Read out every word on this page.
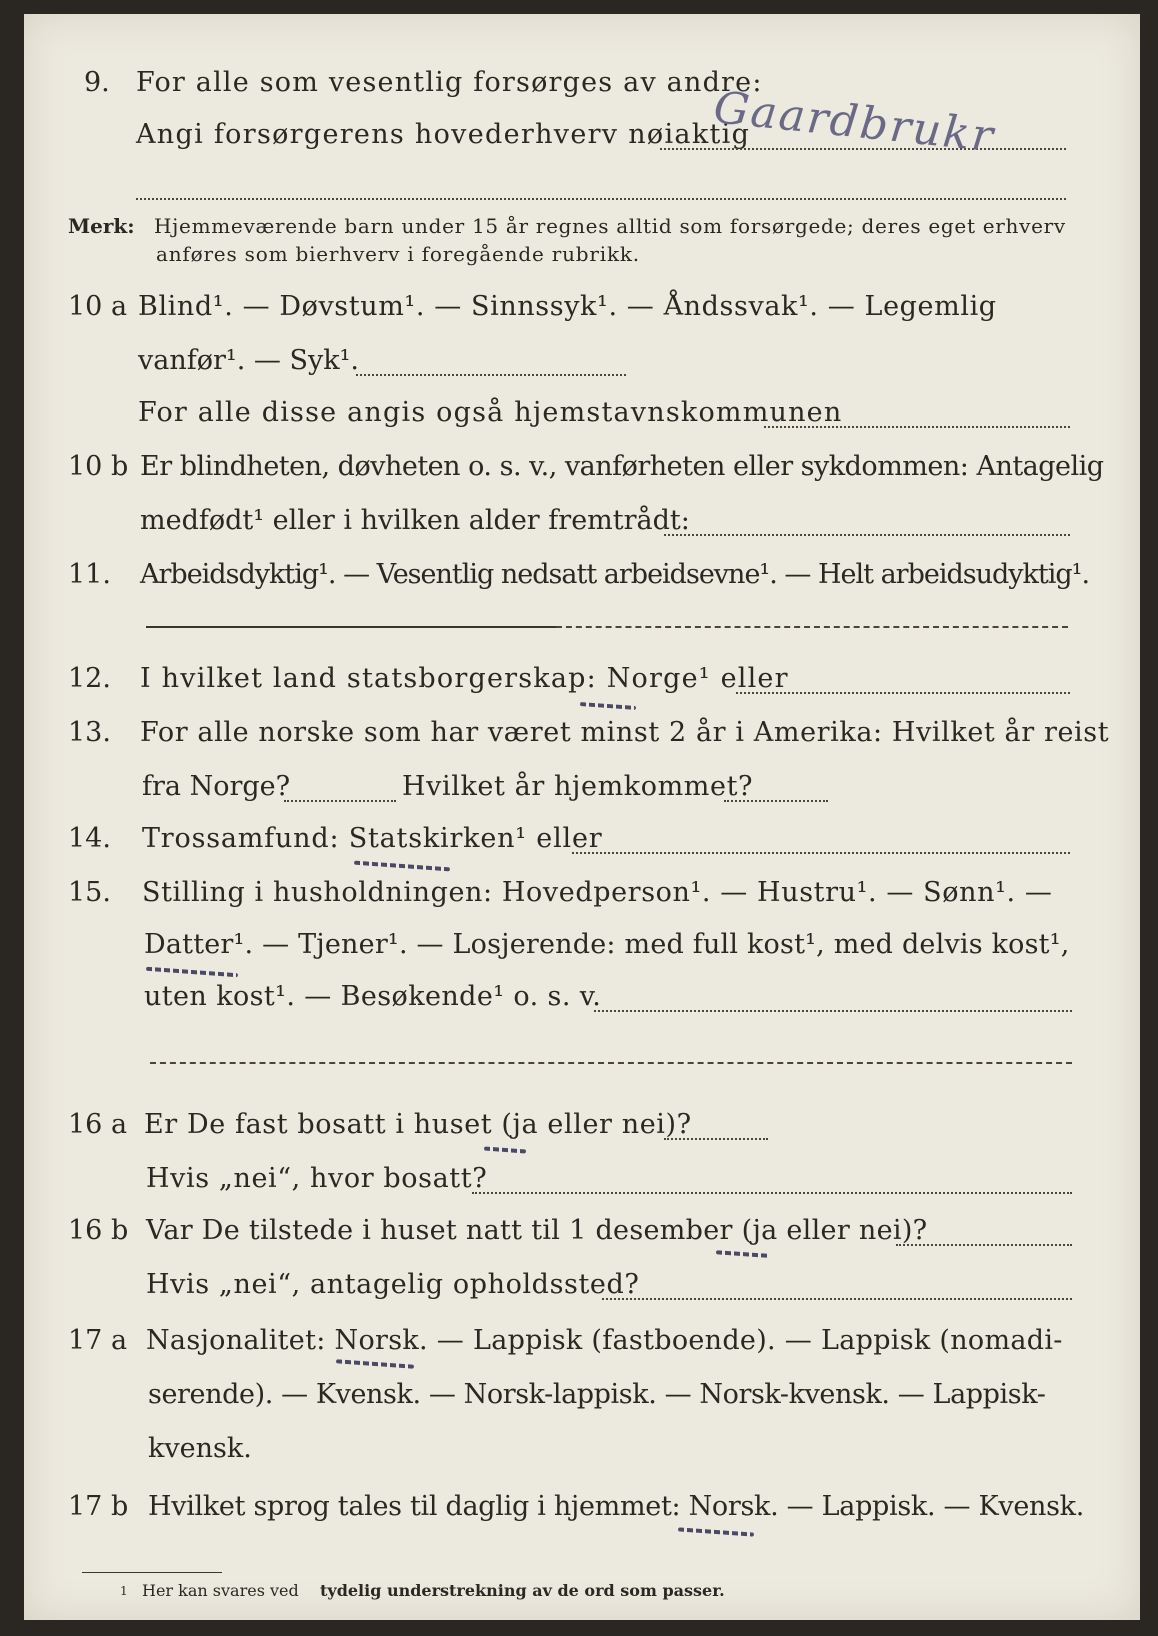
9. For alle som vesentlig forsørges av andre:
Angi forsørgerens hovederhverv nøiaktig
Gaardbrukr
Merk: Hjemmeværende barn under 15 år regnes alltid som forsørgede; deres eget erhverv
anføres som bierhverv i foregående rubrikk.
10 a Blind¹. — Døvstum¹. — Sinnssyk¹. — Åndssvak¹. — Legemlig
vanfør¹. — Syk¹.
For alle disse angis også hjemstavnskommunen
10 b Er blindheten, døvheten o. s. v., vanførheten eller sykdommen: Antagelig
medfødt¹ eller i hvilken alder fremtrådt:
11. Arbeidsdyktig¹. — Vesentlig nedsatt arbeidsevne¹. — Helt arbeidsudyktig¹.
12. I hvilket land statsborgerskap: Norge¹ eller
13. For alle norske som har været minst 2 år i Amerika: Hvilket år reist
fra Norge?	Hvilket år hjemkommet?
14. Trossamfund: Statskirken¹ eller
15. Stilling i husholdningen: Hovedperson¹. — Hustru¹. — Sønn¹. —
Datter¹. — Tjener¹. — Losjerende: med full kost¹, med delvis kost¹,
uten kost¹. — Besøkende¹ o. s. v.
16 a Er De fast bosatt i huset (ja eller nei)?
Hvis „nei“, hvor bosatt?
16 b Var De tilstede i huset natt til 1 desember (ja eller nei)?
Hvis „nei“, antagelig opholdssted?
17 a Nasjonalitet: Norsk. — Lappisk (fastboende). — Lappisk (nomadi-
serende). — Kvensk. — Norsk-lappisk. — Norsk-kvensk. — Lappisk-
kvensk.
17 b Hvilket sprog tales til daglig i hjemmet: Norsk. — Lappisk. — Kvensk.
1 Her kan svares ved tydelig understrekning av de ord som passer.
